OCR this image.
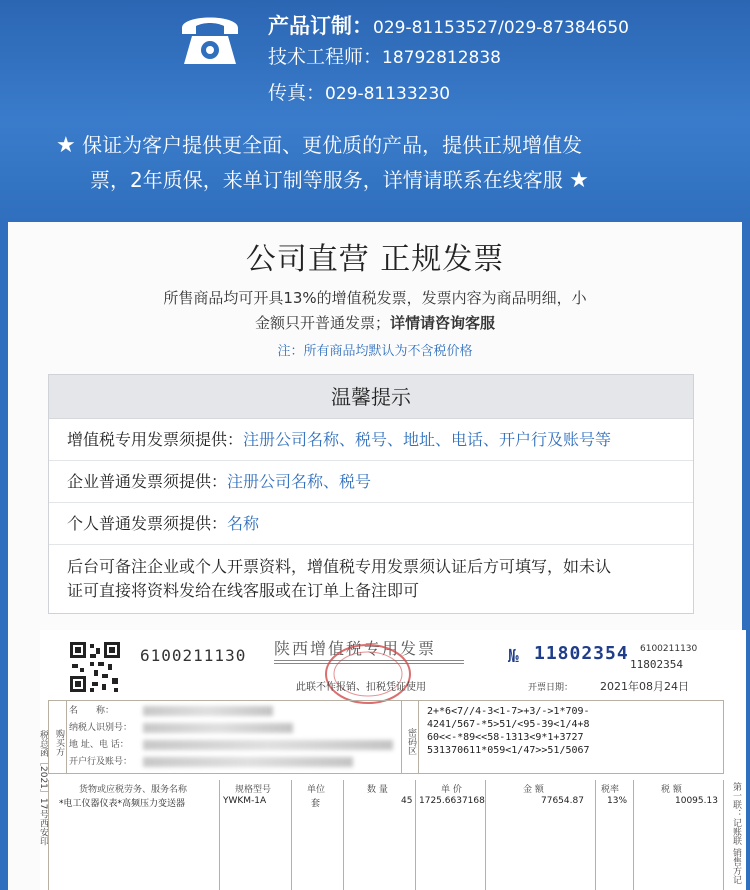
产品订制：029-81153527/029-87384650
技术工程师：18792812838
传真：029-81133230
★ 保证为客户提供更全面、更优质的产品，提供正规增值发
票，2年质保，来单订制等服务，详情请联系在线客服 ★
公司直营 正规发票
所售商品均可开具13%的增值税发票，发票内容为商品明细，小
金额只开普通发票；详情请咨询客服
注：所有商品均默认为不含税价格
温馨提示
增值税专用发票须提供：注册公司名称、税号、地址、电话、开户行及账号等
企业普通发票须提供：注册公司名称、税号
个人普通发票须提供：名称
后台可备注企业或个人开票资料，增值税专用发票须认证后方可填写，如未认
证可直接将资料发给在线客服或在订单上备注即可
6100211130 陕西增值税专用发票
此联不作报销、扣税凭证使用
№ 11802354 6100211130
11802354
开票日期： 2021年08月24日
税总函［2021］17号西安印 购买方
名　　称：
纳税人识别号：
地 址、电 话：
开户行及账号：
密码区
2+*6<7//4-3<1-7>+3/->1*709-
4241/567-*5>51/<95-39<1/4+8
60<<-*89<<58-1313<9*1+3727
531370611*059<1/47>>51/5067
货物或应税劳务、服务名称	规格型号	单位	数 量	单 价	金 额	税率	税 额
*电工仪器仪表*高频压力变送器	YWKM-1A	套	45 1725.6637168	77654.87	13%	10095.13 第一联：记账联 销售方记
